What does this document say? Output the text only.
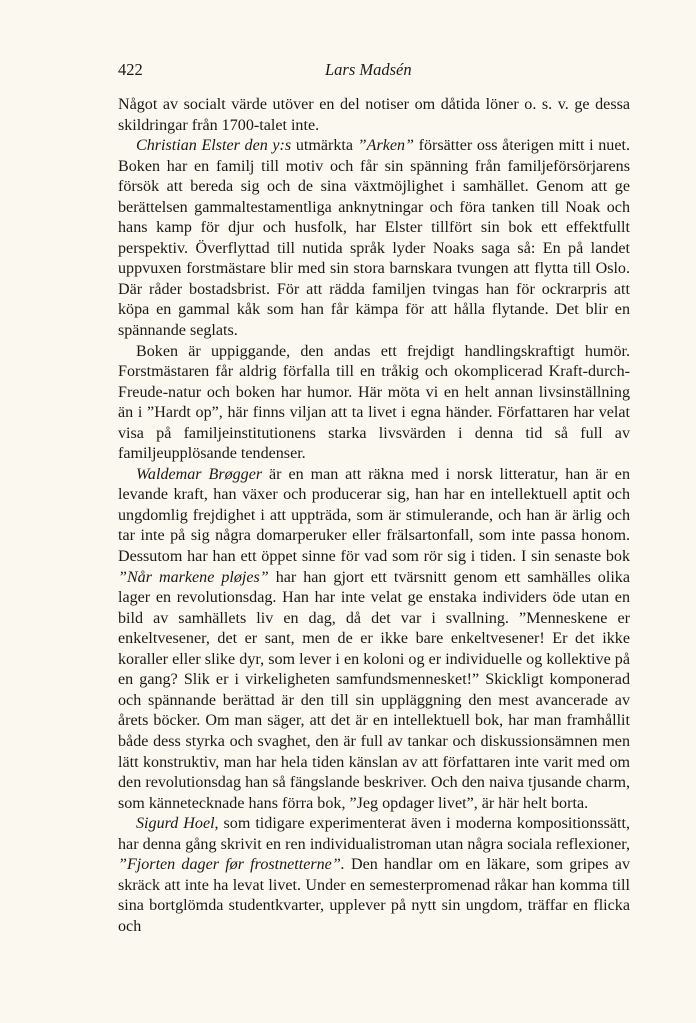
422	Lars Madsén

Något av socialt värde utöver en del notiser om dåtida löner o. s. v. ge dessa skildringar från 1700-talet inte.

Christian Elster den y:s utmärkta ”Arken” försätter oss återigen mitt i nuet. Boken har en familj till motiv och får sin spänning från familjeförsörjarens försök att bereda sig och de sina växtmöjlighet i samhället. Genom att ge berättelsen gammaltestamentliga anknytningar och föra tanken till Noak och hans kamp för djur och husfolk, har Elster tillfört sin bok ett effektfullt perspektiv. Överflyttad till nutida språk lyder Noaks saga så: En på landet uppvuxen forstmästare blir med sin stora barnskara tvungen att flytta till Oslo. Där råder bostadsbrist. För att rädda familjen tvingas han för ockrarpris att köpa en gammal kåk som han får kämpa för att hålla flytande. Det blir en spännande seglats.

Boken är uppiggande, den andas ett frejdigt handlingskraftigt humör. Forstmästaren får aldrig förfalla till en tråkig och okomplicerad Kraft-durch-Freude-natur och boken har humor. Här möta vi en helt annan livsinställning än i ”Hardt op”, här finns viljan att ta livet i egna händer. Författaren har velat visa på familjeinstitutionens starka livsvärden i denna tid så full av familjeupplösande tendenser.

Waldemar Brøgger är en man att räkna med i norsk litteratur, han är en levande kraft, han växer och producerar sig, han har en intellektuell aptit och ungdomlig frejdighet i att uppträda, som är stimulerande, och han är ärlig och tar inte på sig några domarperuker eller frälsartonfall, som inte passa honom. Dessutom har han ett öppet sinne för vad som rör sig i tiden. I sin senaste bok ”Når markene pløjes” har han gjort ett tvärsnitt genom ett samhälles olika lager en revolutionsdag. Han har inte velat ge enstaka individers öde utan en bild av samhällets liv en dag, då det var i svallning. ”Menneskene er enkeltvesener, det er sant, men de er ikke bare enkeltvesener! Er det ikke koraller eller slike dyr, som lever i en koloni og er individuelle og kollektive på en gang? Slik er i virkeligheten samfundsmennesket!” Skickligt komponerad och spännande berättad är den till sin uppläggning den mest avancerade av årets böcker. Om man säger, att det är en intellektuell bok, har man framhållit både dess styrka och svaghet, den är full av tankar och diskussionsämnen men lätt konstruktiv, man har hela tiden känslan av att författaren inte varit med om den revolutionsdag han så fängslande beskriver. Och den naiva tjusande charm, som kännetecknade hans förra bok, ”Jeg opdager livet”, är här helt borta.

Sigurd Hoel, som tidigare experimenterat även i moderna kompositionssätt, har denna gång skrivit en ren individualistroman utan några sociala reflexioner, ”Fjorten dager før frostnetterne”. Den handlar om en läkare, som gripes av skräck att inte ha levat livet. Under en semesterpromenad råkar han komma till sina bortglömda studentkvarter, upplever på nytt sin ungdom, träffar en flicka och
